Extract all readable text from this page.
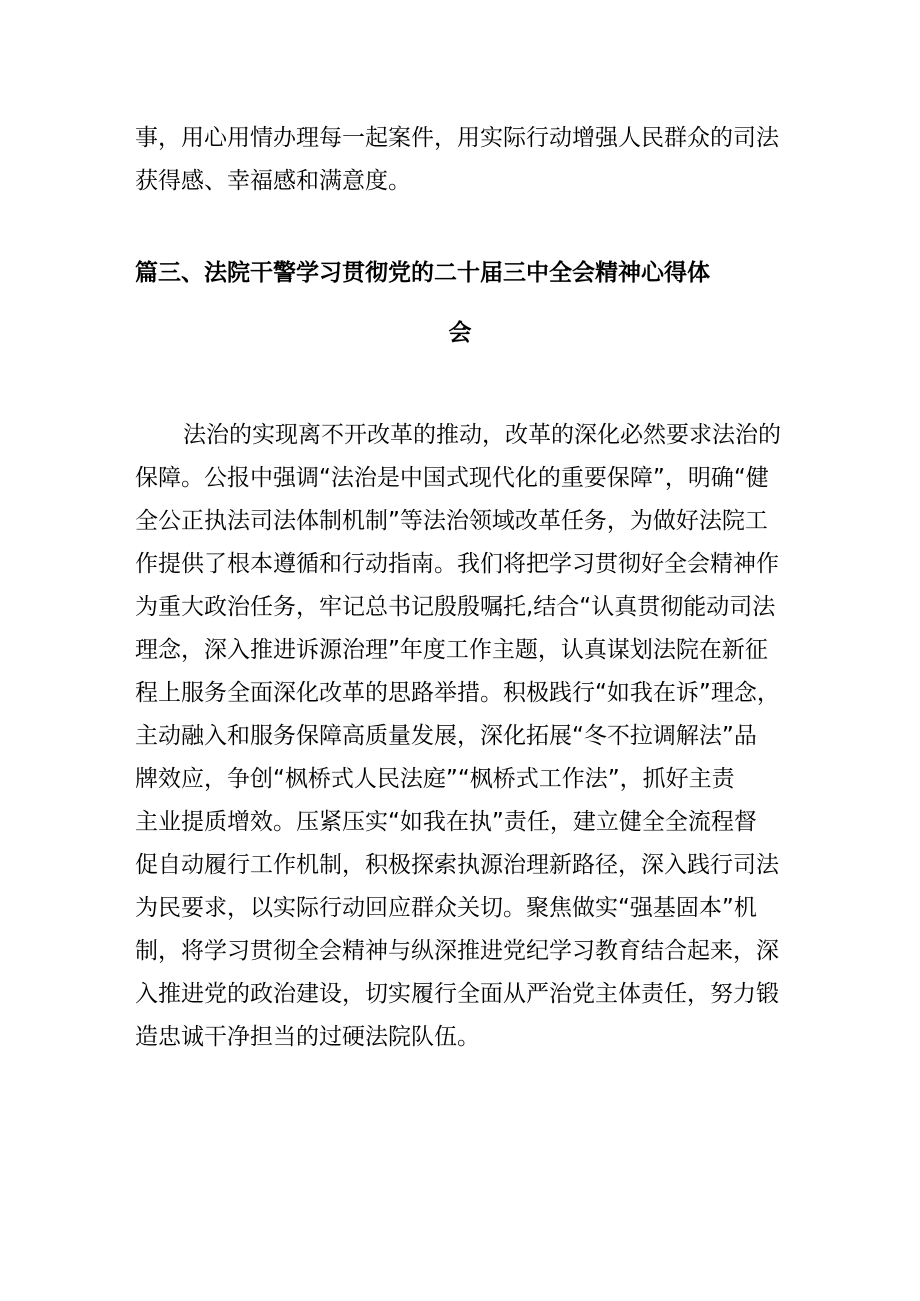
事，用心用情办理每一起案件，用实际行动增强人民群众的司法
获得感、幸福感和满意度。
篇三、法院干警学习贯彻党的二十届三中全会精神心得体
会
法治的实现离不开改革的推动，改革的深化必然要求法治的
保障。公报中强调“法治是中国式现代化的重要保障”，明确“健
全公正执法司法体制机制”等法治领域改革任务，为做好法院工
作提供了根本遵循和行动指南。我们将把学习贯彻好全会精神作
为重大政治任务，牢记总书记殷殷嘱托,结合“认真贯彻能动司法
理念，深入推进诉源治理”年度工作主题，认真谋划法院在新征
程上服务全面深化改革的思路举措。积极践行“如我在诉”理念，
主动融入和服务保障高质量发展，深化拓展“冬不拉调解法”品
牌效应，争创“枫桥式人民法庭”“枫桥式工作法”，抓好主责
主业提质增效。压紧压实“如我在执”责任，建立健全全流程督
促自动履行工作机制，积极探索执源治理新路径，深入践行司法
为民要求，以实际行动回应群众关切。聚焦做实“强基固本”机
制，将学习贯彻全会精神与纵深推进党纪学习教育结合起来，深
入推进党的政治建设，切实履行全面从严治党主体责任，努力锻
造忠诚干净担当的过硬法院队伍。
